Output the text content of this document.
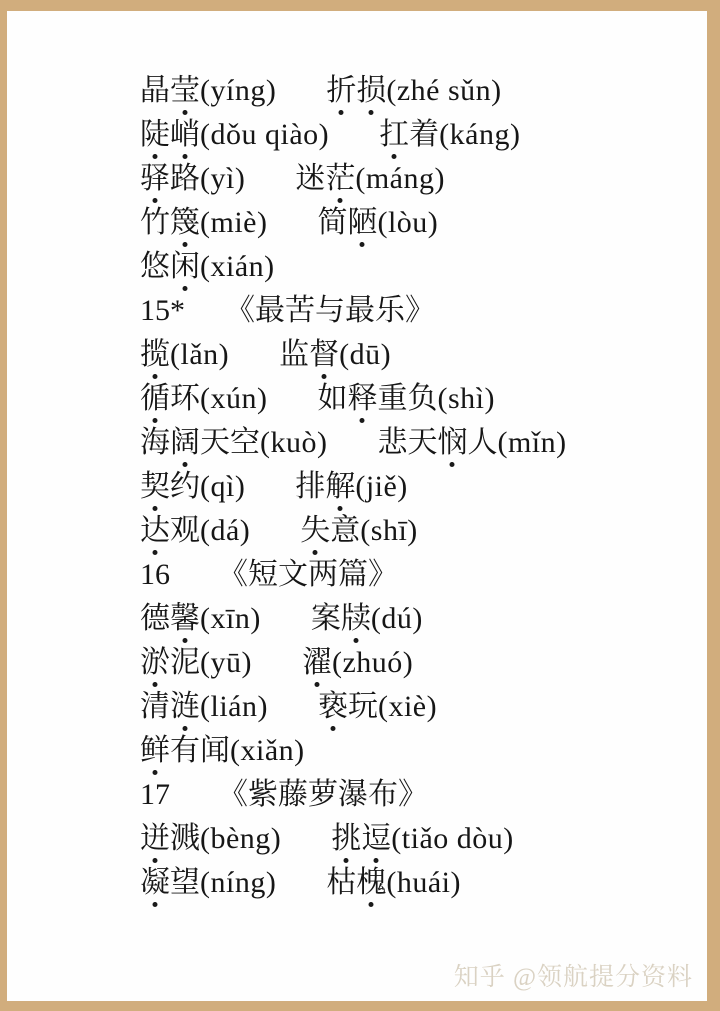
晶莹(yíng) 折损(zhé sǔn)
陡峭(dǒu qiào) 扛着(káng)
驿路(yì) 迷茫(máng)
竹篾(miè) 简陋(lòu)
悠闲(xián)
15* 《最苦与最乐》
揽(lǎn) 监督(dū)
循环(xún) 如释重负(shì)
海阔天空(kuò) 悲天悯人(mǐn)
契约(qì) 排解(jiě)
达观(dá) 失意(shī)
16 《短文两篇》
德馨(xīn) 案牍(dú)
淤泥(yū) 濯(zhuó)
清涟(lián) 亵玩(xiè)
鲜有闻(xiǎn)
17 《紫藤萝瀑布》
迸溅(bèng) 挑逗(tiǎo dòu)
凝望(níng) 枯槐(huái)
知乎 @领航提分资料
